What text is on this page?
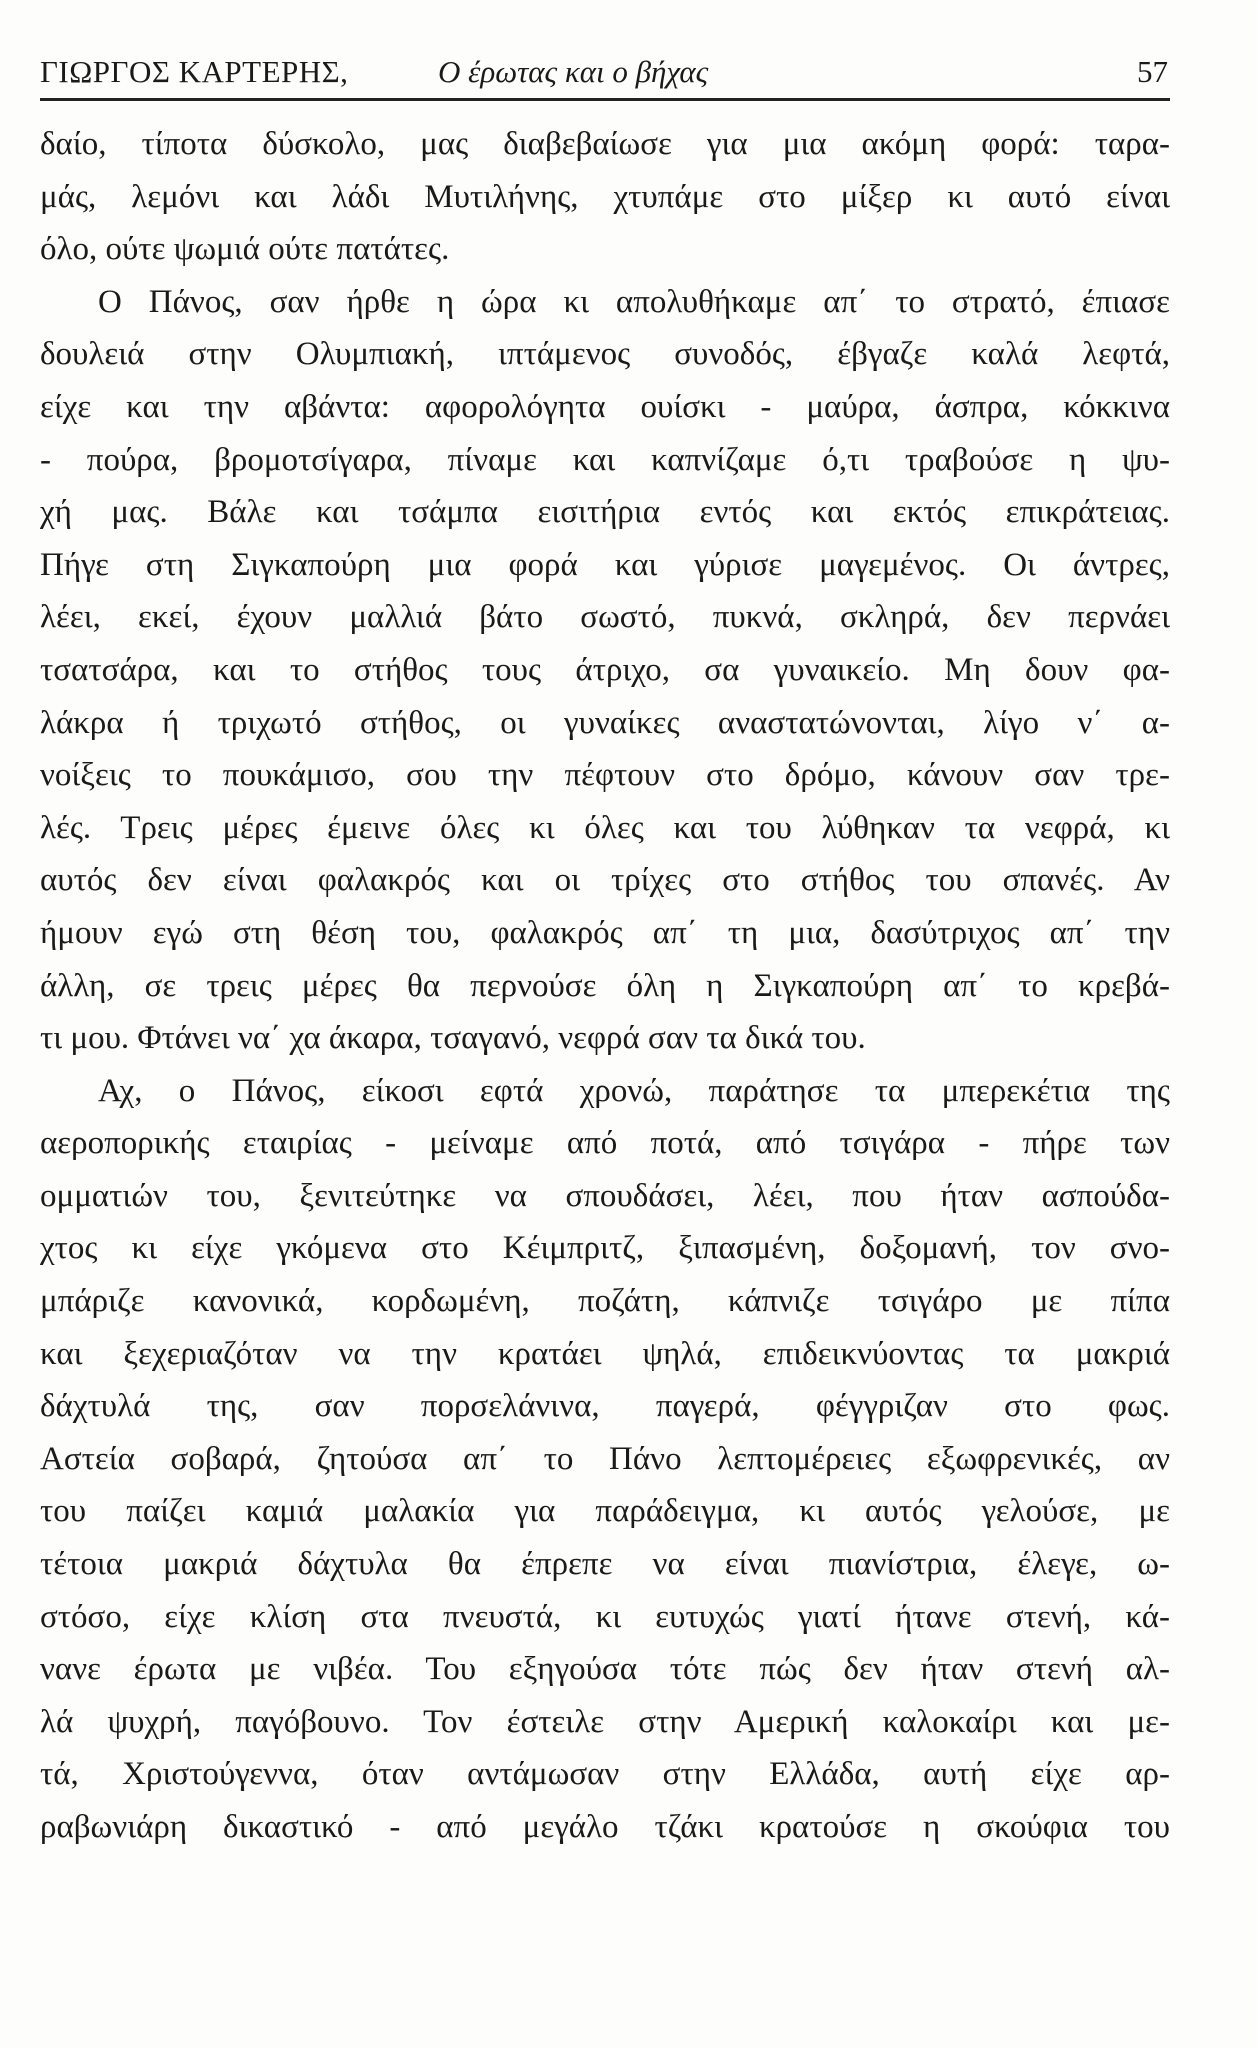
ΓΙΩΡΓΟΣ ΚΑΡΤΕΡΗΣ,	Ο έρωτας και ο βήχας	57
δαίο, τίποτα δύσκολο, μας διαβεβαίωσε για μια ακόμη φορά: ταρα-
μάς, λεμόνι και λάδι Μυτιλήνης, χτυπάμε στο μίξερ κι αυτό είναι
όλο, ούτε ψωμιά ούτε πατάτες.
Ο Πάνος, σαν ήρθε η ώρα κι απολυθήκαμε απ΄ το στρατό, έπιασε
δουλειά στην Ολυμπιακή, ιπτάμενος συνοδός, έβγαζε καλά λεφτά,
είχε και την αβάντα: αφορολόγητα ουίσκι - μαύρα, άσπρα, κόκκινα
- πούρα, βρομοτσίγαρα, πίναμε και καπνίζαμε ό,τι τραβούσε η ψυ-
χή μας. Βάλε και τσάμπα εισιτήρια εντός και εκτός επικράτειας.
Πήγε στη Σιγκαπούρη μια φορά και γύρισε μαγεμένος. Οι άντρες,
λέει, εκεί, έχουν μαλλιά βάτο σωστό, πυκνά, σκληρά, δεν περνάει
τσατσάρα, και το στήθος τους άτριχο, σα γυναικείο. Μη δουν φα-
λάκρα ή τριχωτό στήθος, οι γυναίκες αναστατώνονται, λίγο ν΄ α-
νοίξεις το πουκάμισο, σου την πέφτουν στο δρόμο, κάνουν σαν τρε-
λές. Τρεις μέρες έμεινε όλες κι όλες και του λύθηκαν τα νεφρά, κι
αυτός δεν είναι φαλακρός και οι τρίχες στο στήθος του σπανές. Αν
ήμουν εγώ στη θέση του, φαλακρός απ΄ τη μια, δασύτριχος απ΄ την
άλλη, σε τρεις μέρες θα περνούσε όλη η Σιγκαπούρη απ΄ το κρεβά-
τι μου. Φτάνει να΄ χα άκαρα, τσαγανό, νεφρά σαν τα δικά του.
Αχ, ο Πάνος, είκοσι εφτά χρονώ, παράτησε τα μπερεκέτια της
αεροπορικής εταιρίας - μείναμε από ποτά, από τσιγάρα - πήρε των
ομματιών του, ξενιτεύτηκε να σπουδάσει, λέει, που ήταν ασπούδα-
χτος κι είχε γκόμενα στο Κέιμπριτζ, ξιπασμένη, δοξομανή, τον σνο-
μπάριζε κανονικά, κορδωμένη, ποζάτη, κάπνιζε τσιγάρο με πίπα
και ξεχεριαζόταν να την κρατάει ψηλά, επιδεικνύοντας τα μακριά
δάχτυλά της, σαν πορσελάνινα, παγερά, φέγγριζαν στο φως.
Αστεία σοβαρά, ζητούσα απ΄ το Πάνο λεπτομέρειες εξωφρενικές, αν
του παίζει καμιά μαλακία για παράδειγμα, κι αυτός γελούσε, με
τέτοια μακριά δάχτυλα θα έπρεπε να είναι πιανίστρια, έλεγε, ω-
στόσο, είχε κλίση στα πνευστά, κι ευτυχώς γιατί ήτανε στενή, κά-
νανε έρωτα με νιβέα. Του εξηγούσα τότε πώς δεν ήταν στενή αλ-
λά ψυχρή, παγόβουνο. Τον έστειλε στην Αμερική καλοκαίρι και με-
τά, Χριστούγεννα, όταν αντάμωσαν στην Ελλάδα, αυτή είχε αρ-
ραβωνιάρη δικαστικό - από μεγάλο τζάκι κρατούσε η σκούφια του
